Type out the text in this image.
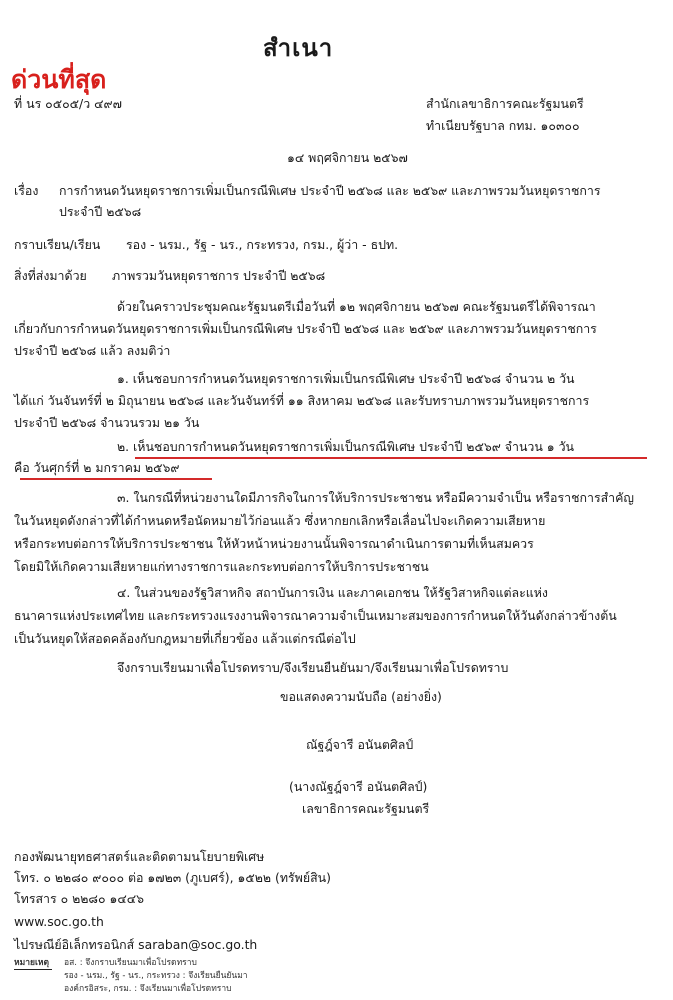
สำเนา
ด่วนที่สุด
ที่ นร ๐๕๐๕/ว ๔๙๗	สำนักเลขาธิการคณะรัฐมนตรี
ทำเนียบรัฐบาล กทม. ๑๐๓๐๐
๑๔ พฤศจิกายน ๒๕๖๗
เรื่อง การกำหนดวันหยุดราชการเพิ่มเป็นกรณีพิเศษ ประจำปี ๒๕๖๘ และ ๒๕๖๙ และภาพรวมวันหยุดราชการ
ประจำปี ๒๕๖๘
กราบเรียน/เรียน รอง - นรม., รัฐ - นร., กระทรวง, กรม., ผู้ว่า - ธปท.
สิ่งที่ส่งมาด้วย ภาพรวมวันหยุดราชการ ประจำปี ๒๕๖๘
ด้วยในคราวประชุมคณะรัฐมนตรีเมื่อวันที่ ๑๒ พฤศจิกายน ๒๕๖๗ คณะรัฐมนตรีได้พิจารณา
เกี่ยวกับการกำหนดวันหยุดราชการเพิ่มเป็นกรณีพิเศษ ประจำปี ๒๕๖๘ และ ๒๕๖๙ และภาพรวมวันหยุดราชการ
ประจำปี ๒๕๖๘ แล้ว ลงมติว่า
๑. เห็นชอบการกำหนดวันหยุดราชการเพิ่มเป็นกรณีพิเศษ ประจำปี ๒๕๖๘ จำนวน ๒ วัน
ได้แก่ วันจันทร์ที่ ๒ มิถุนายน ๒๕๖๘ และวันจันทร์ที่ ๑๑ สิงหาคม ๒๕๖๘ และรับทราบภาพรวมวันหยุดราชการ
ประจำปี ๒๕๖๘ จำนวนรวม ๒๑ วัน
๒. เห็นชอบการกำหนดวันหยุดราชการเพิ่มเป็นกรณีพิเศษ ประจำปี ๒๕๖๙ จำนวน ๑ วัน
คือ วันศุกร์ที่ ๒ มกราคม ๒๕๖๙
๓. ในกรณีที่หน่วยงานใดมีภารกิจในการให้บริการประชาชน หรือมีความจำเป็น หรือราชการสำคัญ
ในวันหยุดดังกล่าวที่ได้กำหนดหรือนัดหมายไว้ก่อนแล้ว ซึ่งหากยกเลิกหรือเลื่อนไปจะเกิดความเสียหาย
หรือกระทบต่อการให้บริการประชาชน ให้หัวหน้าหน่วยงานนั้นพิจารณาดำเนินการตามที่เห็นสมควร
โดยมิให้เกิดความเสียหายแก่ทางราชการและกระทบต่อการให้บริการประชาชน
๔. ในส่วนของรัฐวิสาหกิจ สถาบันการเงิน และภาคเอกชน ให้รัฐวิสาหกิจแต่ละแห่ง
ธนาคารแห่งประเทศไทย และกระทรวงแรงงานพิจารณาความจำเป็นเหมาะสมของการกำหนดให้วันดังกล่าวข้างต้น
เป็นวันหยุดให้สอดคล้องกับกฎหมายที่เกี่ยวข้อง แล้วแต่กรณีต่อไป
จึงกราบเรียนมาเพื่อโปรดทราบ/จึงเรียนยืนยันมา/จึงเรียนมาเพื่อโปรดทราบ
ขอแสดงความนับถือ (อย่างยิ่ง)
ณัฐฎ์จารี อนันตศิลป์
(นางณัฐฎ์จารี อนันตศิลป์)
เลขาธิการคณะรัฐมนตรี
กองพัฒนายุทธศาสตร์และติดตามนโยบายพิเศษ
โทร. ๐ ๒๒๘๐ ๙๐๐๐ ต่อ ๑๗๒๓ (ภูเบศร์), ๑๕๒๒ (ทรัพย์สิน)
โทรสาร ๐ ๒๒๘๐ ๑๔๔๖
www.soc.go.th
ไปรษณีย์อิเล็กทรอนิกส์ saraban@soc.go.th
หมายเหตุ อส. : จึงกราบเรียนมาเพื่อโปรดทราบ
รอง - นรม., รัฐ - นร., กระทรวง : จึงเรียนยืนยันมา
องค์กรอิสระ, กรม. : จึงเรียนมาเพื่อโปรดทราบ
